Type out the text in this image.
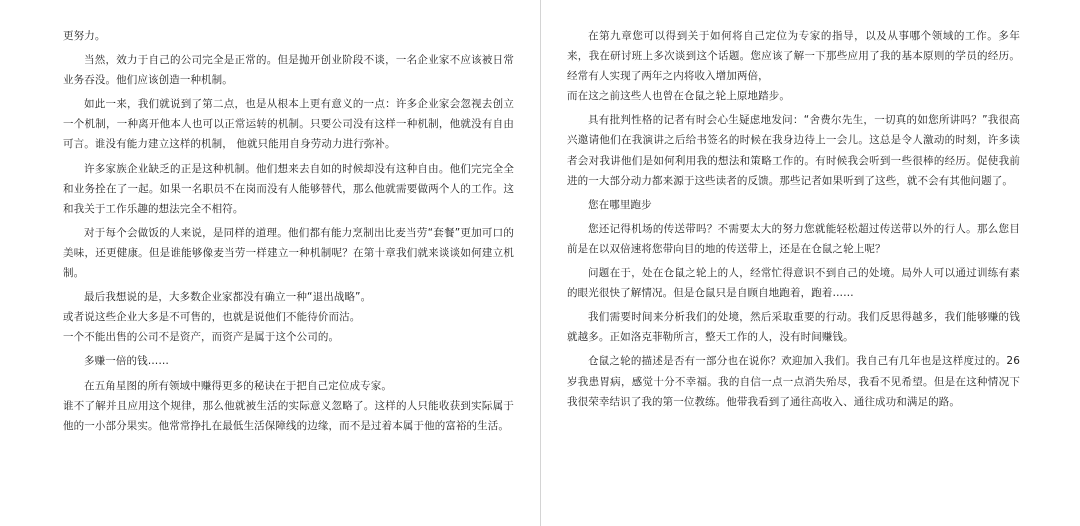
更努力。

当然，效力于自己的公司完全是正常的。但是抛开创业阶段不谈，一名企业家不应该被日常业务吞没。他们应该创造一种机制。

如此一来，我们就说到了第二点，也是从根本上更有意义的一点：许多企业家会忽视去创立一个机制，一种离开他本人也可以正常运转的机制。只要公司没有这样一种机制，他就没有自由可言。谁没有能力建立这样的机制， 他就只能用自身劳动力进行弥补。

许多家族企业缺乏的正是这种机制。他们想来去自如的时候却没有这种自由。他们完完全全和业务拴在了一起。如果一名职员不在岗而没有人能够替代，那么他就需要做两个人的工作。这和我关于工作乐趣的想法完全不相符。

对于每个会做饭的人来说，是同样的道理。他们都有能力烹制出比麦当劳“套餐”更加可口的美味，还更健康。但是谁能够像麦当劳一样建立一种机制呢？在第十章我们就来谈谈如何建立机制。

最后我想说的是，大多数企业家都没有确立一种“退出战略”。

或者说这些企业大多是不可售的，也就是说他们不能待价而沽。

一个不能出售的公司不是资产，而资产是属于这个公司的。

多赚一倍的钱……

在五角星图的所有领域中赚得更多的秘诀在于把自己定位成专家。

谁不了解并且应用这个规律，那么他就被生活的实际意义忽略了。这样的人只能收获到实际属于他的一小部分果实。他常常挣扎在最低生活保障线的边缘，而不是过着本属于他的富裕的生活。

在第九章您可以得到关于如何将自己定位为专家的指导，以及从事哪个领域的工作。多年来，我在研讨班上多次谈到这个话题。您应该了解一下那些应用了我的基本原则的学员的经历。经常有人实现了两年之内将收入增加两倍，

而在这之前这些人也曾在仓鼠之轮上原地踏步。

具有批判性格的记者有时会心生疑虑地发问：“舍费尔先生，一切真的如您所讲吗？”我很高兴邀请他们在我演讲之后给书签名的时候在我身边待上一会儿。这总是令人激动的时刻，许多读者会对我讲他们是如何利用我的想法和策略工作的。有时候我会听到一些很棒的经历。促使我前进的一大部分动力都来源于这些读者的反馈。那些记者如果听到了这些，就不会有其他问题了。

您在哪里跑步

您还记得机场的传送带吗？不需要太大的努力您就能轻松超过传送带以外的行人。那么您目前是在以双倍速将您带向目的地的传送带上，还是在仓鼠之轮上呢？

问题在于，处在仓鼠之轮上的人，经常忙得意识不到自己的处境。局外人可以通过训练有素的眼光很快了解情况。但是仓鼠只是自顾自地跑着，跑着……

我们需要时间来分析我们的处境，然后采取重要的行动。我们反思得越多，我们能够赚的钱就越多。正如洛克菲勒所言，整天工作的人，没有时间赚钱。

仓鼠之轮的描述是否有一部分也在说你？欢迎加入我们。我自己有几年也是这样度过的。26岁我患胃病，感觉十分不幸福。我的自信一点一点消失殆尽，我看不见希望。但是在这种情况下我很荣幸结识了我的第一位教练。他带我看到了通往高收入、通往成功和满足的路。
